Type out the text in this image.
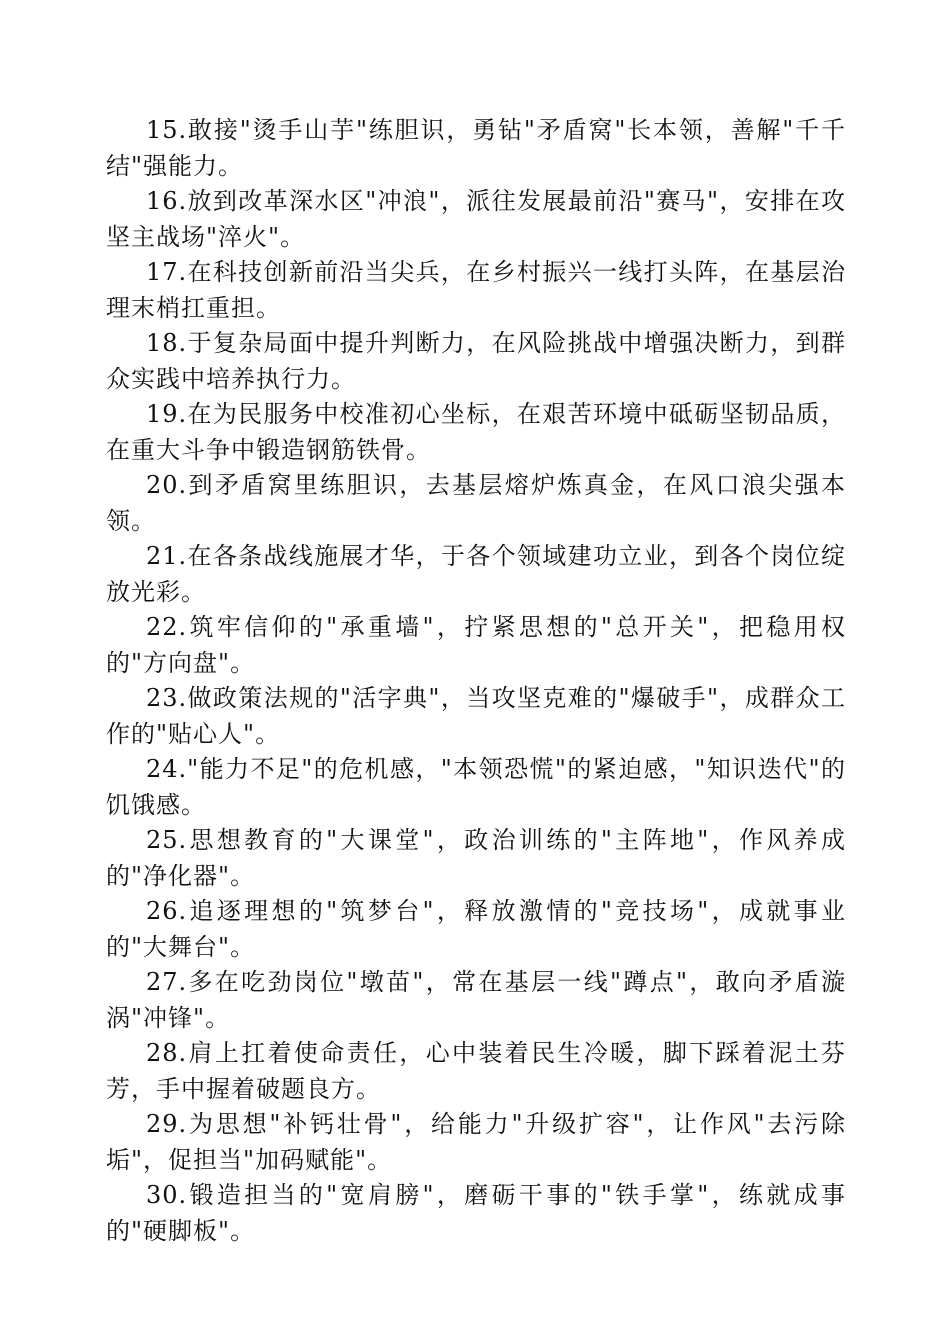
15.敢接"烫手山芋"练胆识，勇钻"矛盾窝"长本领，善解"千千结"强能力。

16.放到改革深水区"冲浪"，派往发展最前沿"赛马"，安排在攻坚主战场"淬火"。

17.在科技创新前沿当尖兵，在乡村振兴一线打头阵，在基层治理末梢扛重担。

18.于复杂局面中提升判断力，在风险挑战中增强决断力，到群众实践中培养执行力。

19.在为民服务中校准初心坐标，在艰苦环境中砥砺坚韧品质，在重大斗争中锻造钢筋铁骨。

20.到矛盾窝里练胆识，去基层熔炉炼真金，在风口浪尖强本领。

21.在各条战线施展才华，于各个领域建功立业，到各个岗位绽放光彩。

22.筑牢信仰的"承重墙"，拧紧思想的"总开关"，把稳用权的"方向盘"。

23.做政策法规的"活字典"，当攻坚克难的"爆破手"，成群众工作的"贴心人"。

24."能力不足"的危机感，"本领恐慌"的紧迫感，"知识迭代"的饥饿感。

25.思想教育的"大课堂"，政治训练的"主阵地"，作风养成的"净化器"。

26.追逐理想的"筑梦台"，释放激情的"竞技场"，成就事业的"大舞台"。

27.多在吃劲岗位"墩苗"，常在基层一线"蹲点"，敢向矛盾漩涡"冲锋"。

28.肩上扛着使命责任，心中装着民生冷暖，脚下踩着泥土芬芳，手中握着破题良方。

29.为思想"补钙壮骨"，给能力"升级扩容"，让作风"去污除垢"，促担当"加码赋能"。

30.锻造担当的"宽肩膀"，磨砺干事的"铁手掌"，练就成事的"硬脚板"。
